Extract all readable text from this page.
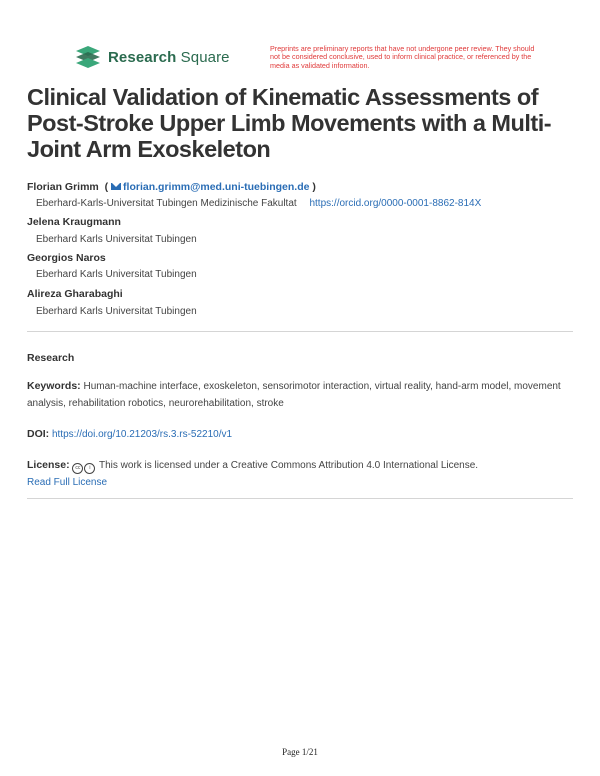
Research Square	Preprints are preliminary reports that have not undergone peer review. They should not be considered conclusive, used to inform clinical practice, or referenced by the media as validated information.
Clinical Validation of Kinematic Assessments of Post-Stroke Upper Limb Movements with a Multi-Joint Arm Exoskeleton
Florian Grimm  ( florian.grimm@med.uni-tuebingen.de )
Eberhard-Karls-Universitat Tubingen Medizinische Fakultat https://orcid.org/0000-0001-8862-814X
Jelena Kraugmann
Eberhard Karls Universitat Tubingen
Georgios Naros
Eberhard Karls Universitat Tubingen
Alireza Gharabaghi
Eberhard Karls Universitat Tubingen
Research
Keywords: Human-machine interface, exoskeleton, sensorimotor interaction, virtual reality, hand-arm model, movement analysis, rehabilitation robotics, neurorehabilitation, stroke
DOI: https://doi.org/10.21203/rs.3.rs-52210/v1
License: cc i This work is licensed under a Creative Commons Attribution 4.0 International License.
Read Full License
Page 1/21
